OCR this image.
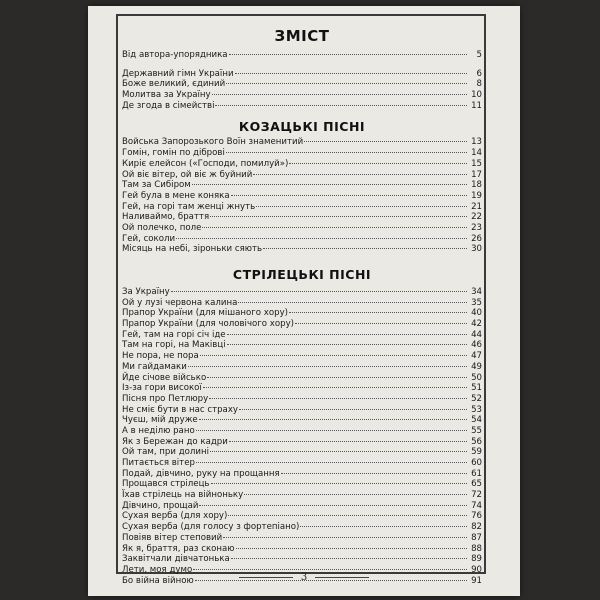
ЗМІСТ
Від автора-упорядника	5
Державний гімн України	6
Боже великий, єдиний	8
Молитва за Україну	10
Де згода в сімействі	11
КОЗАЦЬКІ ПІСНІ
Войська Запорозького Воїн знаменитий	13
Гомін, гомін по діброві	14
Киріє елейсон («Господи, помилуй»)	15
Ой віє вітер, ой віє ж буйний	17
Там за Сибіром	18
Гей була в мене коняка	19
Гей, на горі там женці жнуть	21
Наливаймо, браття	22
Ой полечко, поле	23
Гей, соколи	26
Місяць на небі, зіроньки сяють	30
СТРІЛЕЦЬКІ ПІСНІ
За Україну	34
Ой у лузі червона калина	35
Прапор України (для мішаного хору)	40
Прапор України (для чоловічого хору)	42
Гей, там на горі січ іде	44
Там на горі, на Маківці	46
Не пора, не пора	47
Ми гайдамаки	49
Йде січове військо	50
Із-за гори високої	51
Пісня про Петлюру	52
Не сміє бути в нас страху	53
Чуєш, мій друже	54
А в неділю рано	55
Як з Бережан до кадри	56
Ой там, при долині	59
Питається вітер	60
Подай, дівчино, руку на прощання	61
Прощався стрілець	65
Їхав стрілець на війноньку	72
Дівчино, прощай	74
Сухая верба (для хору)	76
Сухая верба (для голосу з фортепіано)	82
Повіяв вітер степовий	87
Як я, браття, раз сконаю	88
Заквітчали дівчатонька	89
Лети, моя думо	90
Бо війна війною	91
3
